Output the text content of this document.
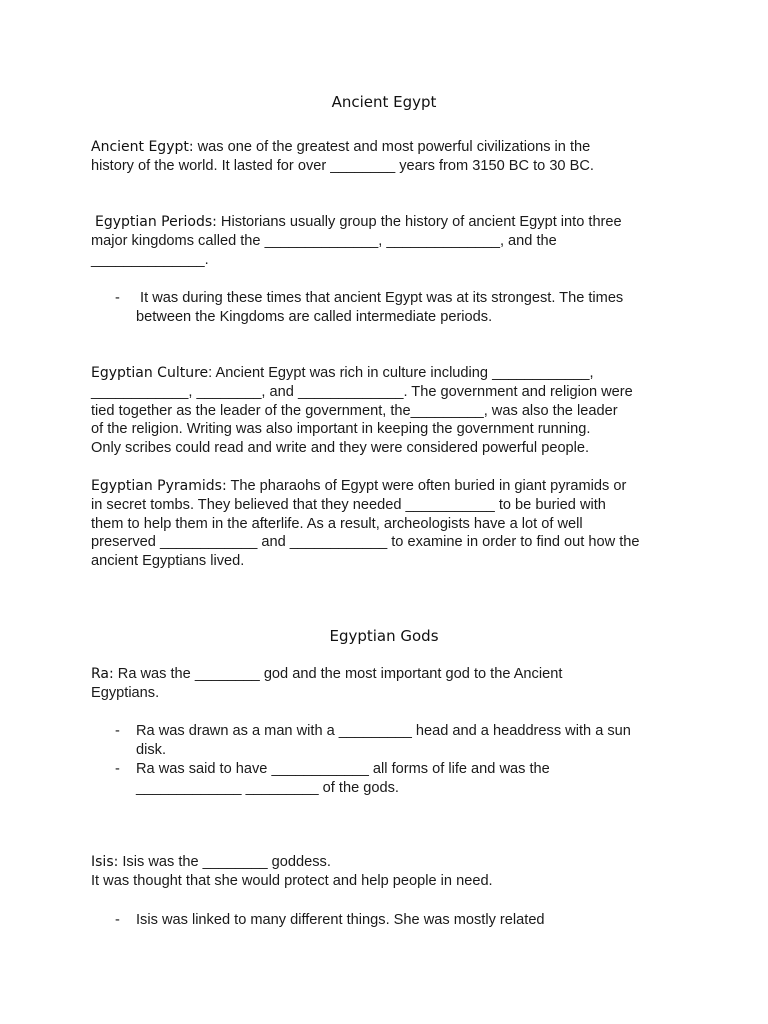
Ancient Egypt
Ancient Egypt: was one of the greatest and most powerful civilizations in the
history of the world. It lasted for over ________ years from 3150 BC to 30 BC.
Egyptian Periods: Historians usually group the history of ancient Egypt into three
major kingdoms called the ______________, ______________, and the
______________.
-	It was during these times that ancient Egypt was at its strongest. The times
between the Kingdoms are called intermediate periods.
Egyptian Culture: Ancient Egypt was rich in culture including ____________,
____________, ________, and _____________. The government and religion were
tied together as the leader of the government, the_________, was also the leader
of the religion. Writing was also important in keeping the government running.
Only scribes could read and write and they were considered powerful people.
Egyptian Pyramids: The pharaohs of Egypt were often buried in giant pyramids or
in secret tombs. They believed that they needed ___________ to be buried with
them to help them in the afterlife. As a result, archeologists have a lot of well
preserved ____________ and ____________ to examine in order to find out how the
ancient Egyptians lived.
Egyptian Gods
Ra: Ra was the ________ god and the most important god to the Ancient
Egyptians.
-	Ra was drawn as a man with a _________ head and a headdress with a sun
disk.
-	Ra was said to have ____________ all forms of life and was the
_____________ _________ of the gods.
Isis: Isis was the ________ goddess.
It was thought that she would protect and help people in need.
-	Isis was linked to many different things. She was mostly related
